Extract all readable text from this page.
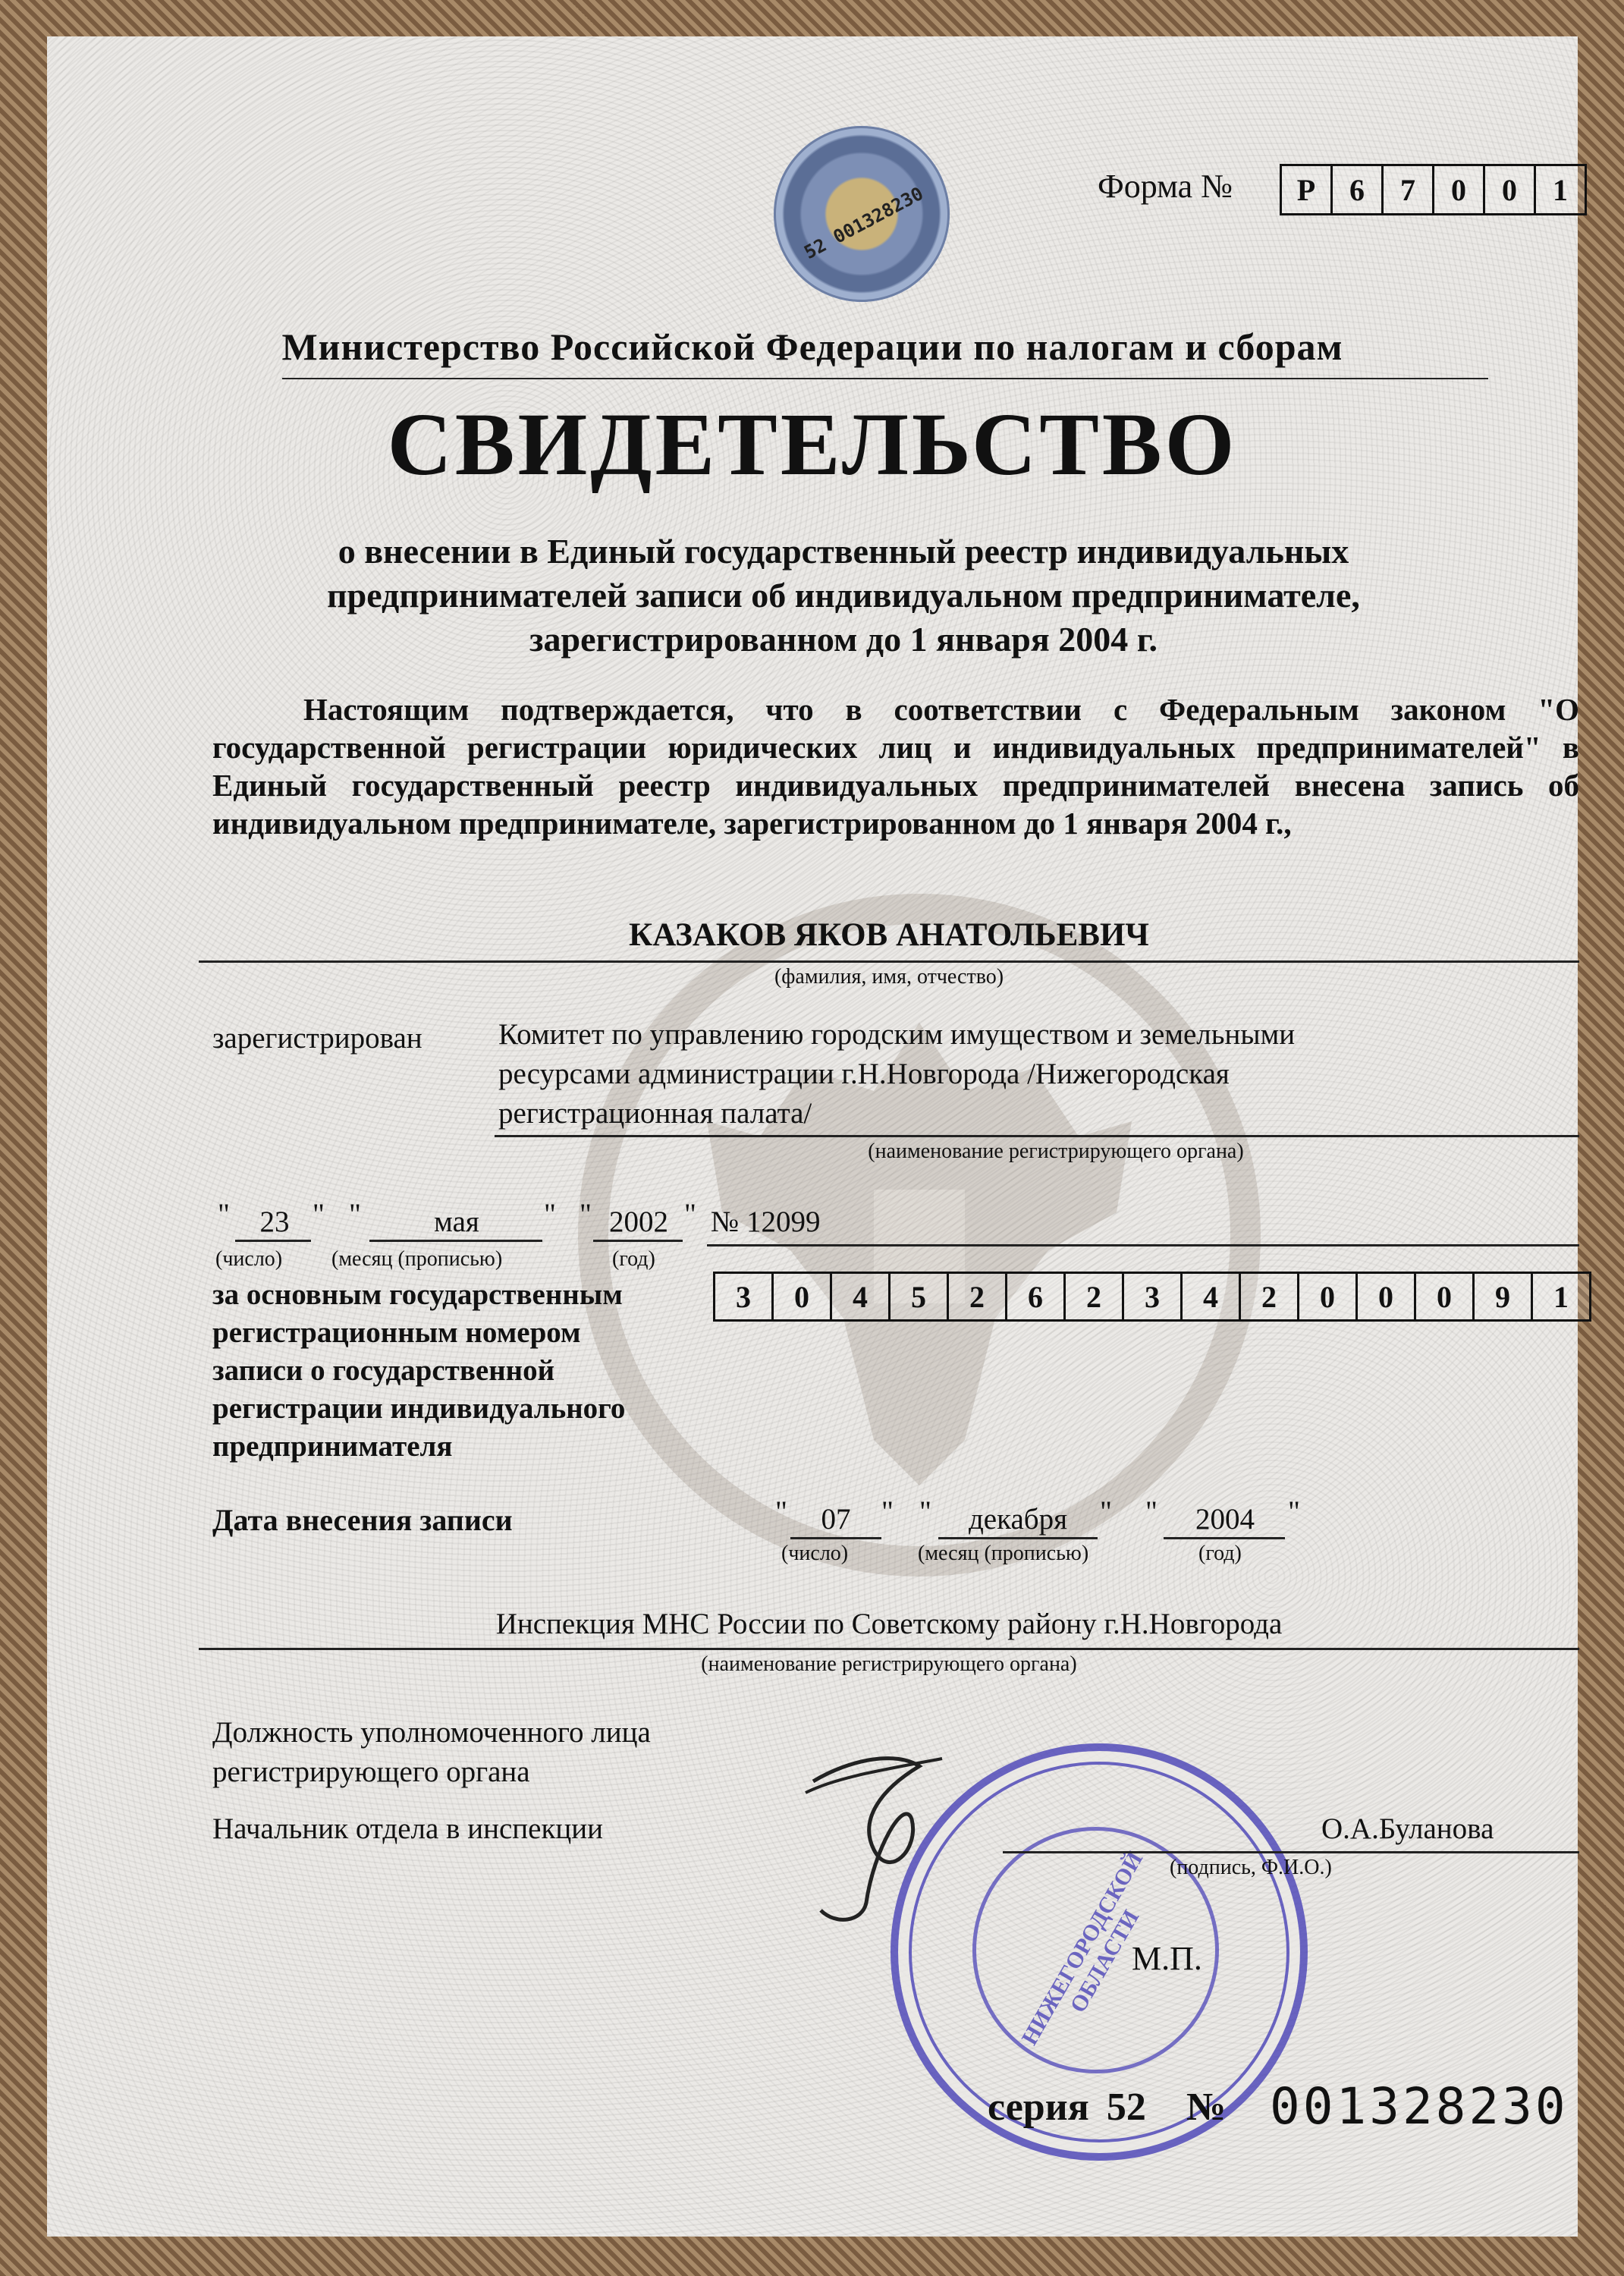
52 001328230	Форма №	Р	6	7	0	0	1
Министерство Российской Федерации по налогам и сборам
СВИДЕТЕЛЬСТВО
о внесении в Единый государственный реестр индивидуальных
предпринимателей записи об индивидуальном предпринимателе,
зарегистрированном до 1 января 2004 г.
Настоящим подтверждается, что в соответствии с Федеральным законом "О государственной регистрации юридических лиц и индивидуальных предпринимателей" в Единый государственный реестр индивидуальных предпринимателей внесена запись об индивидуальном предпринимателе, зарегистрированном до 1 января 2004 г.,
КАЗАКОВ ЯКОВ АНАТОЛЬЕВИЧ
(фамилия, имя, отчество)
зарегистрирован	Комитет по управлению городским имуществом и земельными
ресурсами администрации г.Н.Новгорода /Нижегородская
регистрационная палата/
(наименование регистрирующего органа)
"	23 " "	мая	" " 2002 " № 12099
(число) (месяц (прописью)	(год)
за основным государственным
регистрационным номером
записи о государственной
регистрации индивидуального
предпринимателя
3	0	4	5	2	6	2	3	4	2	0	0	0	9	1
Дата внесения записи	"	07	" "	декабря	" "	2004	"
(число)	(месяц (прописью)	(год)
Инспекция МНС России по Советскому району г.Н.Новгорода
(наименование регистрирующего органа)
Должность уполномоченного лица
регистрирующего органа
Начальник отдела в инспекции
НИЖЕГОРОДСКОЙ ОБЛАСТИ
О.А.Буланова
(подпись, Ф.И.О.)
М.П.
серия 52 № 001328230
